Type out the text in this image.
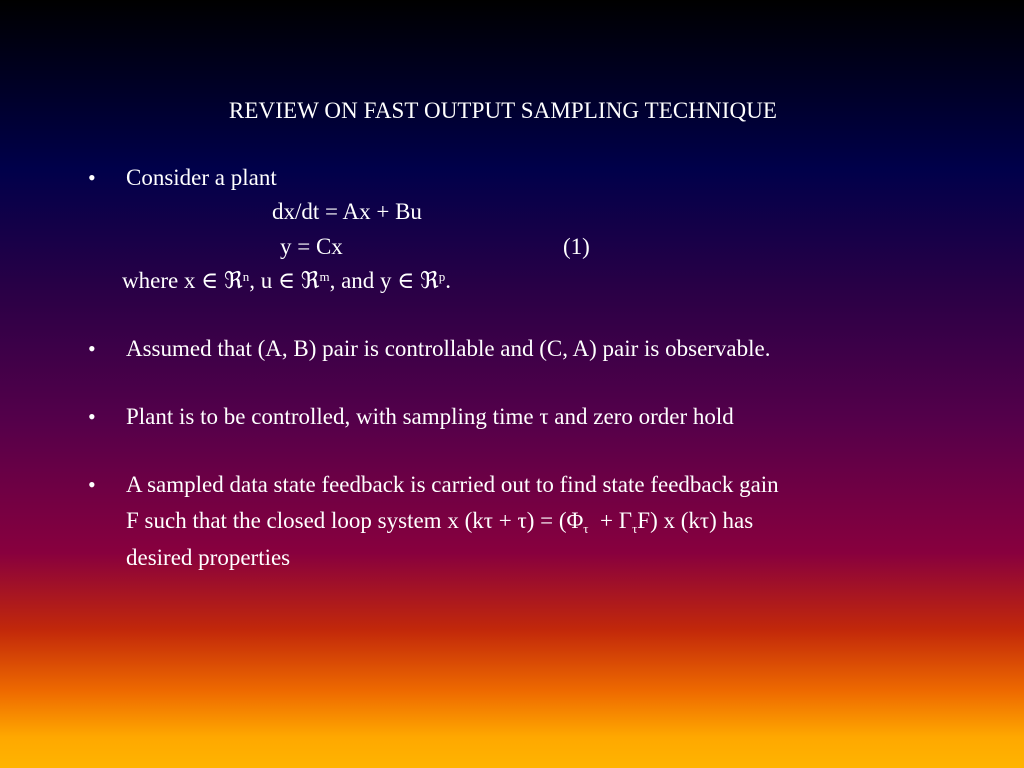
REVIEW ON FAST OUTPUT SAMPLING TECHNIQUE
• Consider a plant
dx/dt = Ax + Bu
y = Cx	(1)
where x ∈ ℜ$^n$, u ∈ ℜ$^m$, and y ∈ ℜ$^p$.
• Assumed that (A, B) pair is controllable and (C, A) pair is observable.
• Plant is to be controlled, with sampling time τ and zero order hold
• A sampled data state feedback is carried out to find state feedback gain
F such that the closed loop system x $(k\tau + \tau) = (\Phi_\tau + \Gamma_\tau F)$ x (kτ) has
desired properties
